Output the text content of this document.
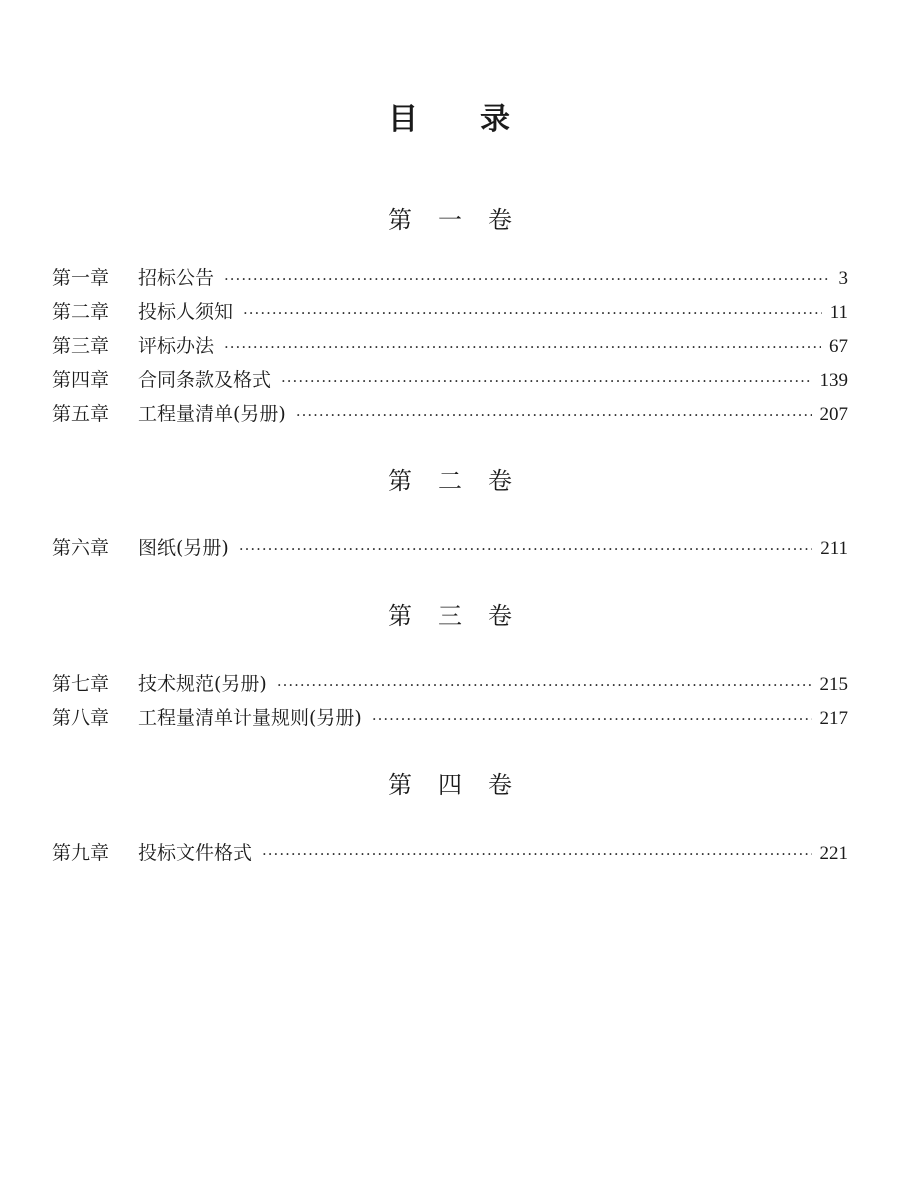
目 录
第 一 卷
第一章	招标公告 ·····	3
第二章	投标人须知 ·····	11
第三章	评标办法 ·····	67
第四章	合同条款及格式 ·····	139
第五章	工程量清单(另册) ·····	207
第 二 卷
第六章	图纸(另册) ·····	211
第 三 卷
第七章	技术规范(另册) ·····	215
第八章	工程量清单计量规则(另册) ·····	217
第 四 卷
第九章	投标文件格式 ·····	221
